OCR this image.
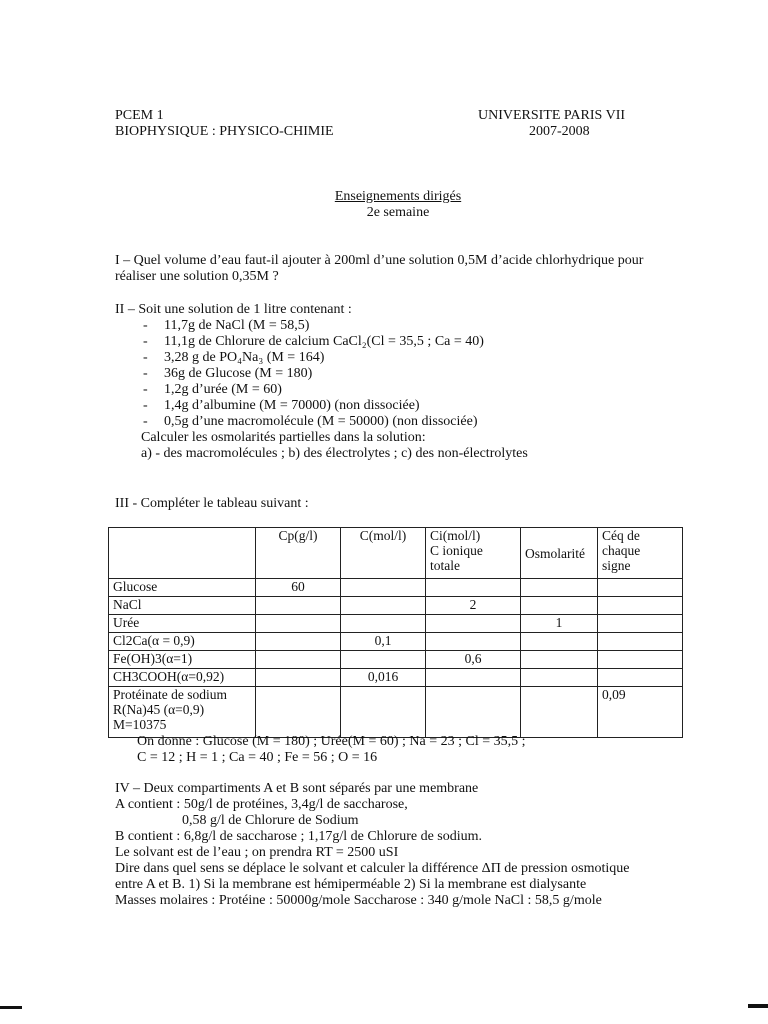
PCEM 1
BIOPHYSIQUE : PHYSICO-CHIMIE
UNIVERSITE PARIS VII
2007-2008
Enseignements dirigés
2e semaine
I – Quel volume d’eau faut-il ajouter à 200ml d’une solution 0,5M d’acide chlorhydrique pour
réaliser une solution 0,35M ?
II – Soit une solution de 1 litre contenant :
- 11,7g de NaCl (M = 58,5)
- 11,1g de Chlorure de calcium CaCl₂(Cl = 35,5 ; Ca = 40)
- 3,28 g de PO₄Na₃ (M = 164)
- 36g de Glucose (M = 180)
- 1,2g d’urée (M = 60)
- 1,4g d’albumine (M = 70000) (non dissociée)
- 0,5g d’une macromolécule (M = 50000) (non dissociée)
Calculer les osmolarités partielles dans la solution:
a) - des macromolécules ; b) des électrolytes ; c) des non-électrolytes
III - Compléter le tableau suivant :
	Cp(g/l)	C(mol/l)	Ci(mol/l)
C ionique
totale	Osmolarité	Céq de
chaque
signe
Glucose	60				
NaCl			2		
Urée				1	
Cl2Ca(α = 0,9)		0,1			
Fe(OH)3(α=1)			0,6		
CH3COOH(α=0,92)		0,016			
Protéinate de sodium
R(Na)45 (α=0,9)
M=10375					0,09
On donne : Glucose (M = 180) ; Urée(M = 60) ; Na = 23 ; Cl = 35,5 ;
C = 12 ; H = 1 ; Ca = 40 ; Fe = 56 ; O = 16
IV – Deux compartiments A et B sont séparés par une membrane
A contient : 50g/l de protéines, 3,4g/l de saccharose,
0,58 g/l de Chlorure de Sodium
B contient : 6,8g/l de saccharose ; 1,17g/l de Chlorure de sodium.
Le solvant est de l’eau ; on prendra RT = 2500 uSI
Dire dans quel sens se déplace le solvant et calculer la différence ΔΠ de pression osmotique
entre A et B. 1) Si la membrane est hémiperméable 2) Si la membrane est dialysante
Masses molaires : Protéine : 50000g/mole Saccharose : 340 g/mole NaCl : 58,5 g/mole
